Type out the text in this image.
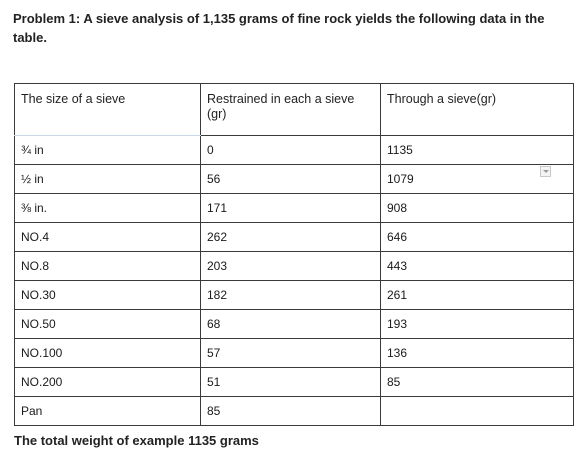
Problem 1: A sieve analysis of 1,135 grams of fine rock yields the following data in the table.
The size of a sieve	Restrained in each a sieve (gr)	Through a sieve(gr)
¾ in	0	1135
½ in	56	1079
⅜ in.	171	908
NO.4	262	646
NO.8	203	443
NO.30	182	261
NO.50	68	193
NO.100	57	136
NO.200	51	85
Pan	85	
The total weight of example 1135 grams
